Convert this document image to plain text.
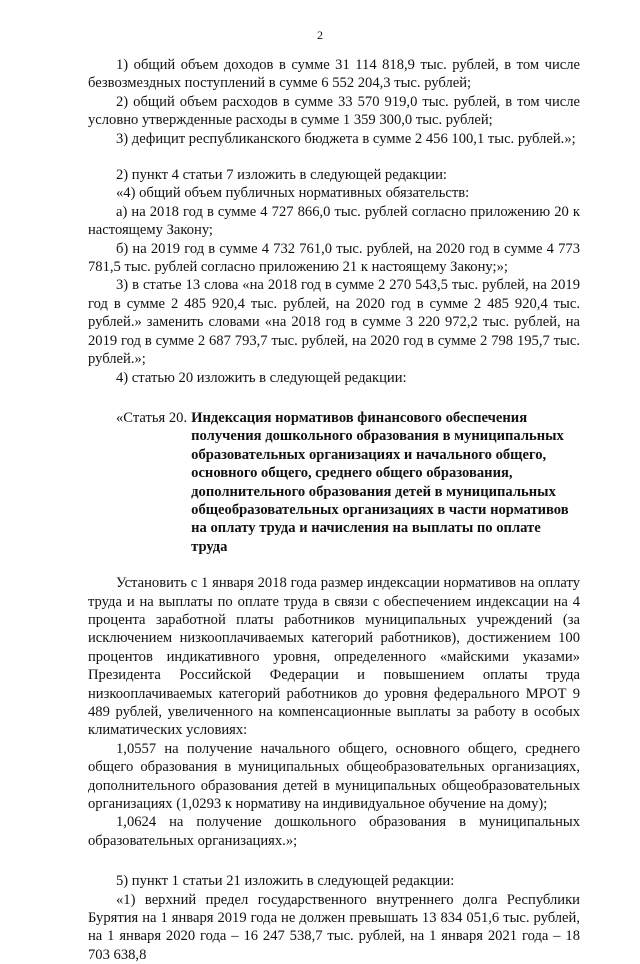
2

1) общий объем доходов в сумме 31 114 818,9 тыс. рублей, в том числе безвозмездных поступлений в сумме 6 552 204,3 тыс. рублей;

2) общий объем расходов в сумме 33 570 919,0 тыс. рублей, в том числе условно утвержденные расходы в сумме 1 359 300,0 тыс. рублей;

3) дефицит республиканского бюджета в сумме 2 456 100,1 тыс. рублей.»;

2) пункт 4 статьи 7 изложить в следующей редакции:

«4) общий объем публичных нормативных обязательств:

а) на 2018 год в сумме 4 727 866,0 тыс. рублей согласно приложению 20 к настоящему Закону;

б) на 2019 год в сумме 4 732 761,0 тыс. рублей, на 2020 год в сумме 4 773 781,5 тыс. рублей согласно приложению 21 к настоящему Закону;»;

3) в статье 13 слова «на 2018 год в сумме 2 270 543,5 тыс. рублей, на 2019 год в сумме 2 485 920,4 тыс. рублей, на 2020 год в сумме 2 485 920,4 тыс. рублей.» заменить словами «на 2018 год в сумме 3 220 972,2 тыс. рублей, на 2019 год в сумме 2 687 793,7 тыс. рублей, на 2020 год в сумме 2 798 195,7 тыс. рублей.»;

4) статью 20 изложить в следующей редакции:

«Статья 20. Индексация нормативов финансового обеспечения получения дошкольного образования в муниципальных образовательных организациях и начального общего, основного общего, среднего общего образования, дополнительного образования детей в муниципальных общеобразовательных организациях в части нормативов на оплату труда и начисления на выплаты по оплате труда

Установить с 1 января 2018 года размер индексации нормативов на оплату труда и на выплаты по оплате труда в связи с обеспечением индексации на 4 процента заработной платы работников муниципальных учреждений (за исключением низкооплачиваемых категорий работников), достижением 100 процентов индикативного уровня, определенного «майскими указами» Президента Российской Федерации и повышением оплаты труда низкооплачиваемых категорий работников до уровня федерального МРОТ 9 489 рублей, увеличенного на компенсационные выплаты за работу в особых климатических условиях:

1,0557 на получение начального общего, основного общего, среднего общего образования в муниципальных общеобразовательных организациях, дополнительного образования детей в муниципальных общеобразовательных организациях (1,0293 к нормативу на индивидуальное обучение на дому);

1,0624 на получение дошкольного образования в муниципальных образовательных организациях.»;

5) пункт 1 статьи 21 изложить в следующей редакции:

«1) верхний предел государственного внутреннего долга Республики Бурятия на 1 января 2019 года не должен превышать 13 834 051,6 тыс. рублей, на 1 января 2020 года – 16 247 538,7 тыс. рублей, на 1 января 2021 года – 18 703 638,8
